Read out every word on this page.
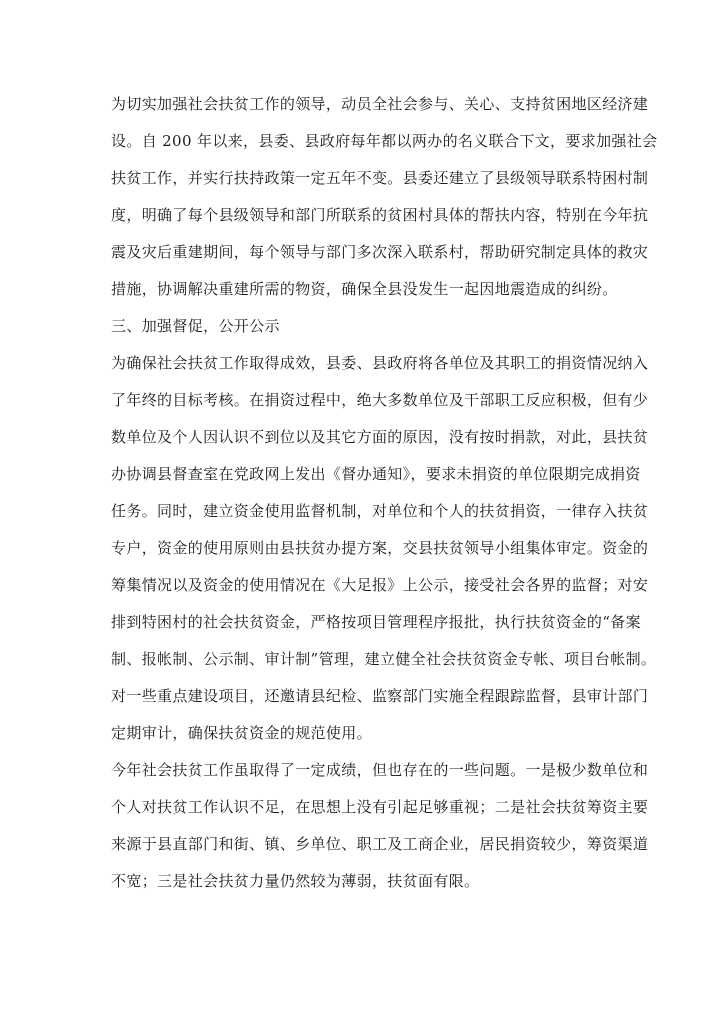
为切实加强社会扶贫工作的领导，动员全社会参与、关心、支持贫困地区经济建
设。自 200 年以来，县委、县政府每年都以两办的名义联合下文，要求加强社会
扶贫工作，并实行扶持政策一定五年不变。县委还建立了县级领导联系特困村制
度，明确了每个县级领导和部门所联系的贫困村具体的帮扶内容，特别在今年抗
震及灾后重建期间，每个领导与部门多次深入联系村，帮助研究制定具体的救灾
措施，协调解决重建所需的物资，确保全县没发生一起因地震造成的纠纷。
三、加强督促，公开公示
为确保社会扶贫工作取得成效，县委、县政府将各单位及其职工的捐资情况纳入
了年终的目标考核。在捐资过程中，绝大多数单位及干部职工反应积极，但有少
数单位及个人因认识不到位以及其它方面的原因，没有按时捐款，对此，县扶贫
办协调县督查室在党政网上发出《督办通知》，要求未捐资的单位限期完成捐资
任务。同时，建立资金使用监督机制，对单位和个人的扶贫捐资，一律存入扶贫
专户，资金的使用原则由县扶贫办提方案，交县扶贫领导小组集体审定。资金的
筹集情况以及资金的使用情况在《大足报》上公示，接受社会各界的监督；对安
排到特困村的社会扶贫资金，严格按项目管理程序报批，执行扶贫资金的“备案
制、报帐制、公示制、审计制”管理，建立健全社会扶贫资金专帐、项目台帐制。
对一些重点建设项目，还邀请县纪检、监察部门实施全程跟踪监督，县审计部门
定期审计，确保扶贫资金的规范使用。
今年社会扶贫工作虽取得了一定成绩，但也存在的一些问题。一是极少数单位和
个人对扶贫工作认识不足，在思想上没有引起足够重视；二是社会扶贫筹资主要
来源于县直部门和街、镇、乡单位、职工及工商企业，居民捐资较少，筹资渠道
不宽；三是社会扶贫力量仍然较为薄弱，扶贫面有限。
